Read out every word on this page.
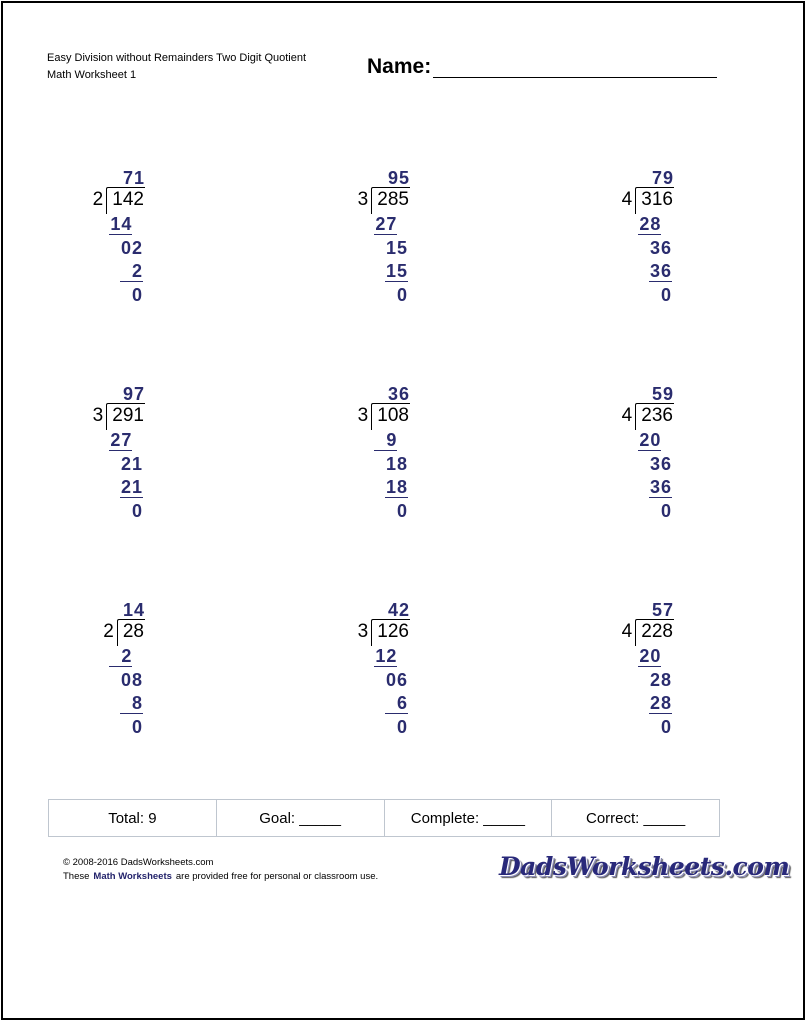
Easy Division without Remainders Two Digit Quotient
Math Worksheet 1	Name:
71
142
2
14
02
2
0
95
285
3
27
15
15
0
79
316
4
28
36
36
0
97
291
3
27
21
21
0
36
108
3
9
18
18
0
59
236
4
20
36
36
0
14
28
2
2
08
8
0
42
126
3
12
06
6
0
57
228
4
20
28
28
0
Total: 9	Goal: _____	Complete: _____	Correct: _____
© 2008-2016 DadsWorksheets.com
These Math Worksheets are provided free for personal or classroom use.	DadsWorksheets.com
